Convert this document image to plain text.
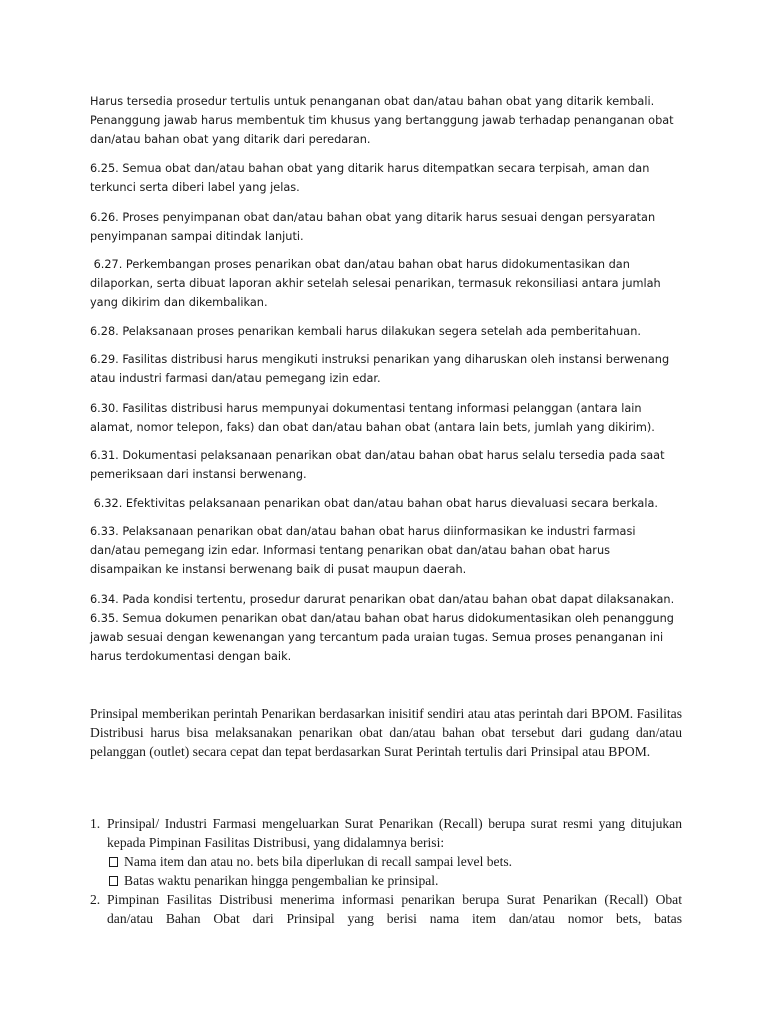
Harus tersedia prosedur tertulis untuk penanganan obat dan/atau bahan obat yang ditarik kembali. Penanggung jawab harus membentuk tim khusus yang bertanggung jawab terhadap penanganan obat dan/atau bahan obat yang ditarik dari peredaran.

6.25. Semua obat dan/atau bahan obat yang ditarik harus ditempatkan secara terpisah, aman dan terkunci serta diberi label yang jelas.

6.26. Proses penyimpanan obat dan/atau bahan obat yang ditarik harus sesuai dengan persyaratan penyimpanan sampai ditindak lanjuti.

6.27. Perkembangan proses penarikan obat dan/atau bahan obat harus didokumentasikan dan dilaporkan, serta dibuat laporan akhir setelah selesai penarikan, termasuk rekonsiliasi antara jumlah yang dikirim dan dikembalikan.

6.28. Pelaksanaan proses penarikan kembali harus dilakukan segera setelah ada pemberitahuan.

6.29. Fasilitas distribusi harus mengikuti instruksi penarikan yang diharuskan oleh instansi berwenang atau industri farmasi dan/atau pemegang izin edar.

6.30. Fasilitas distribusi harus mempunyai dokumentasi tentang informasi pelanggan (antara lain alamat, nomor telepon, faks) dan obat dan/atau bahan obat (antara lain bets, jumlah yang dikirim).

6.31. Dokumentasi pelaksanaan penarikan obat dan/atau bahan obat harus selalu tersedia pada saat pemeriksaan dari instansi berwenang.

6.32. Efektivitas pelaksanaan penarikan obat dan/atau bahan obat harus dievaluasi secara berkala.

6.33. Pelaksanaan penarikan obat dan/atau bahan obat harus diinformasikan ke industri farmasi dan/atau pemegang izin edar. Informasi tentang penarikan obat dan/atau bahan obat harus disampaikan ke instansi berwenang baik di pusat maupun daerah.

6.34. Pada kondisi tertentu, prosedur darurat penarikan obat dan/atau bahan obat dapat dilaksanakan. 6.35. Semua dokumen penarikan obat dan/atau bahan obat harus didokumentasikan oleh penanggung jawab sesuai dengan kewenangan yang tercantum pada uraian tugas. Semua proses penanganan ini harus terdokumentasi dengan baik.

Prinsipal memberikan perintah Penarikan berdasarkan inisitif sendiri atau atas perintah dari BPOM. Fasilitas Distribusi harus bisa melaksanakan penarikan obat dan/atau bahan obat tersebut dari gudang dan/atau pelanggan (outlet) secara cepat dan tepat berdasarkan Surat Perintah tertulis dari Prinsipal atau BPOM.

1. Prinsipal/ Industri Farmasi mengeluarkan Surat Penarikan (Recall) berupa surat resmi yang ditujukan kepada Pimpinan Fasilitas Distribusi, yang didalamnya berisi:
Nama item dan atau no. bets bila diperlukan di recall sampai level bets.
Batas waktu penarikan hingga pengembalian ke prinsipal.
2. Pimpinan Fasilitas Distribusi menerima informasi penarikan berupa Surat Penarikan (Recall) Obat dan/atau Bahan Obat dari Prinsipal yang berisi nama item dan/atau nomor bets, batas
